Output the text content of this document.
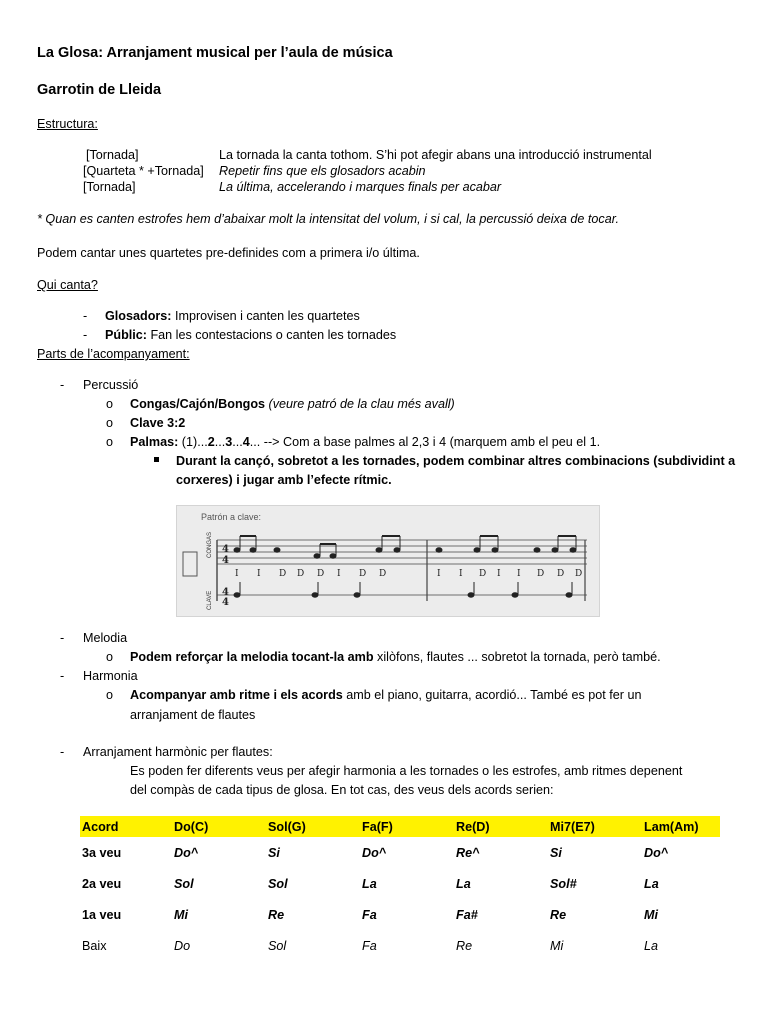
La Glosa: Arranjament musical per l’aula de música
Garrotin de Lleida
Estructura:
[Tornada]	La tornada la canta tothom. S’hi pot afegir abans una introducció instrumental
[Quarteta * +Tornada] Repetir fins que els glosadors acabin
[Tornada]	La última, accelerando i marques finals per acabar
* Quan es canten estrofes hem d’abaixar molt la intensitat del volum, i si cal, la percussió deixa de tocar.
Podem cantar unes quartetes pre-definides com a primera i/o última.
Qui canta?
- Glosadors: Improvisen i canten les quartetes
- Públic: Fan les contestacions o canten les tornades
Parts de l’acompanyament:
- Percussió
o Congas/Cajón/Bongos (veure patró de la clau més avall)
o Clave 3:2
o Palmas: (1)...2...3...4... --> Com a base palmes al 2,3 i 4 (marquem amb el peu el 1.
Durant la cançó, sobretot a les tornades, podem combinar altres combinacions (subdividint a
corxeres) i jugar amb l’efecte rítmic.
Patrón a clave:
CONGAS
CLAVE
4
4
4
4
I I D D D I D D	I I D I I D D D
- Melodia
o Podem reforçar la melodia tocant-la amb xilòfons, flautes ... sobretot la tornada, però també.
- Harmonia
o Acompanyar amb ritme i els acords amb el piano, guitarra, acordió... També es pot fer un
arranjament de flautes
- Arranjament harmònic per flautes:
Es poden fer diferents veus per afegir harmonia a les tornades o les estrofes, amb ritmes depenent
del compàs de cada tipus de glosa. En tot cas, des veus dels acords serien:
Acord	Do(C)	Sol(G)	Fa(F)	Re(D)	Mi7(E7)	Lam(Am)
3a veu	Do^	Si	Do^	Re^	Si	Do^
2a veu	Sol	Sol	La	La	Sol#	La
1a veu	Mi	Re	Fa	Fa#	Re	Mi
Baix	Do	Sol	Fa	Re	Mi	La
